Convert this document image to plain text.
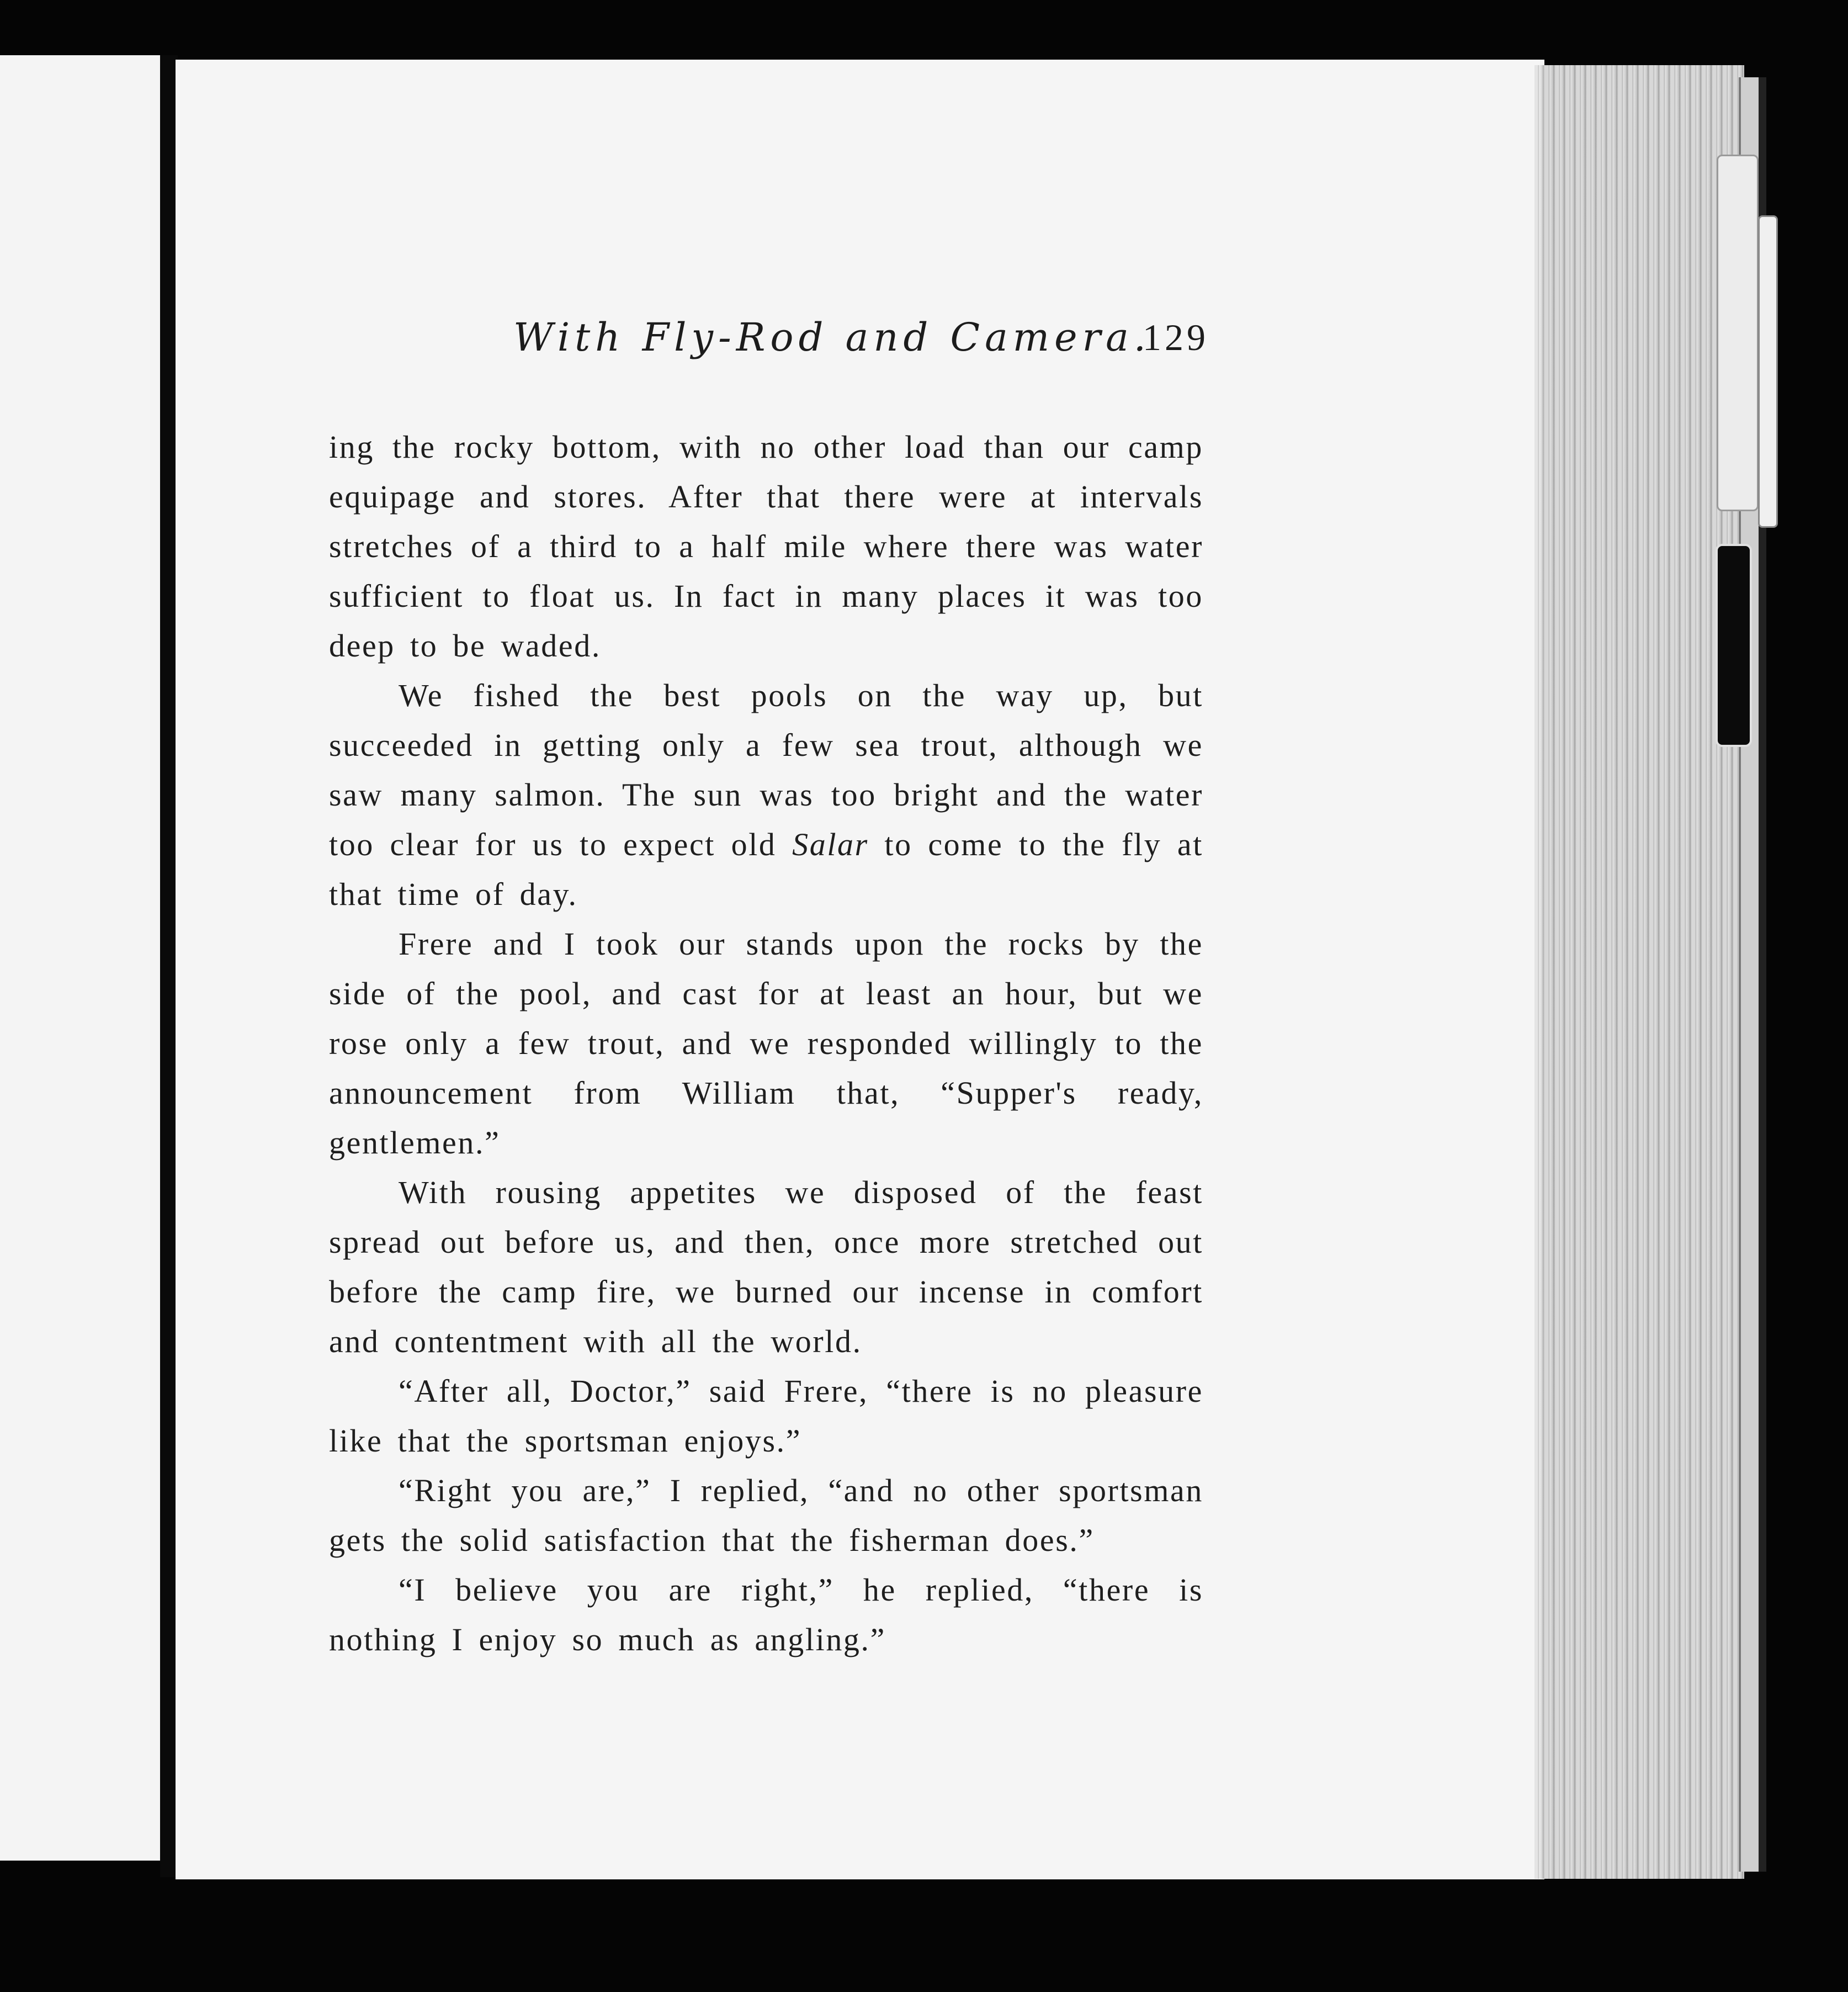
With Fly-Rod and Camera.
129

ing the rocky bottom, with no other load than our camp equipage and stores. After that there were at intervals stretches of a third to a half mile where there was water sufficient to float us. In fact in many places it was too deep to be waded.

We fished the best pools on the way up, but succeeded in getting only a few sea trout, although we saw many salmon. The sun was too bright and the water too clear for us to expect old Salar to come to the fly at that time of day.

Frere and I took our stands upon the rocks by the side of the pool, and cast for at least an hour, but we rose only a few trout, and we responded willingly to the announcement from William that, “Supper's ready, gentlemen.”

With rousing appetites we disposed of the feast spread out before us, and then, once more stretched out before the camp fire, we burned our incense in comfort and contentment with all the world.

“After all, Doctor,” said Frere, “there is no pleasure like that the sportsman enjoys.”

“Right you are,” I replied, “and no other sportsman gets the solid satisfaction that the fisherman does.”

“I believe you are right,” he replied, “there is nothing I enjoy so much as angling.”
